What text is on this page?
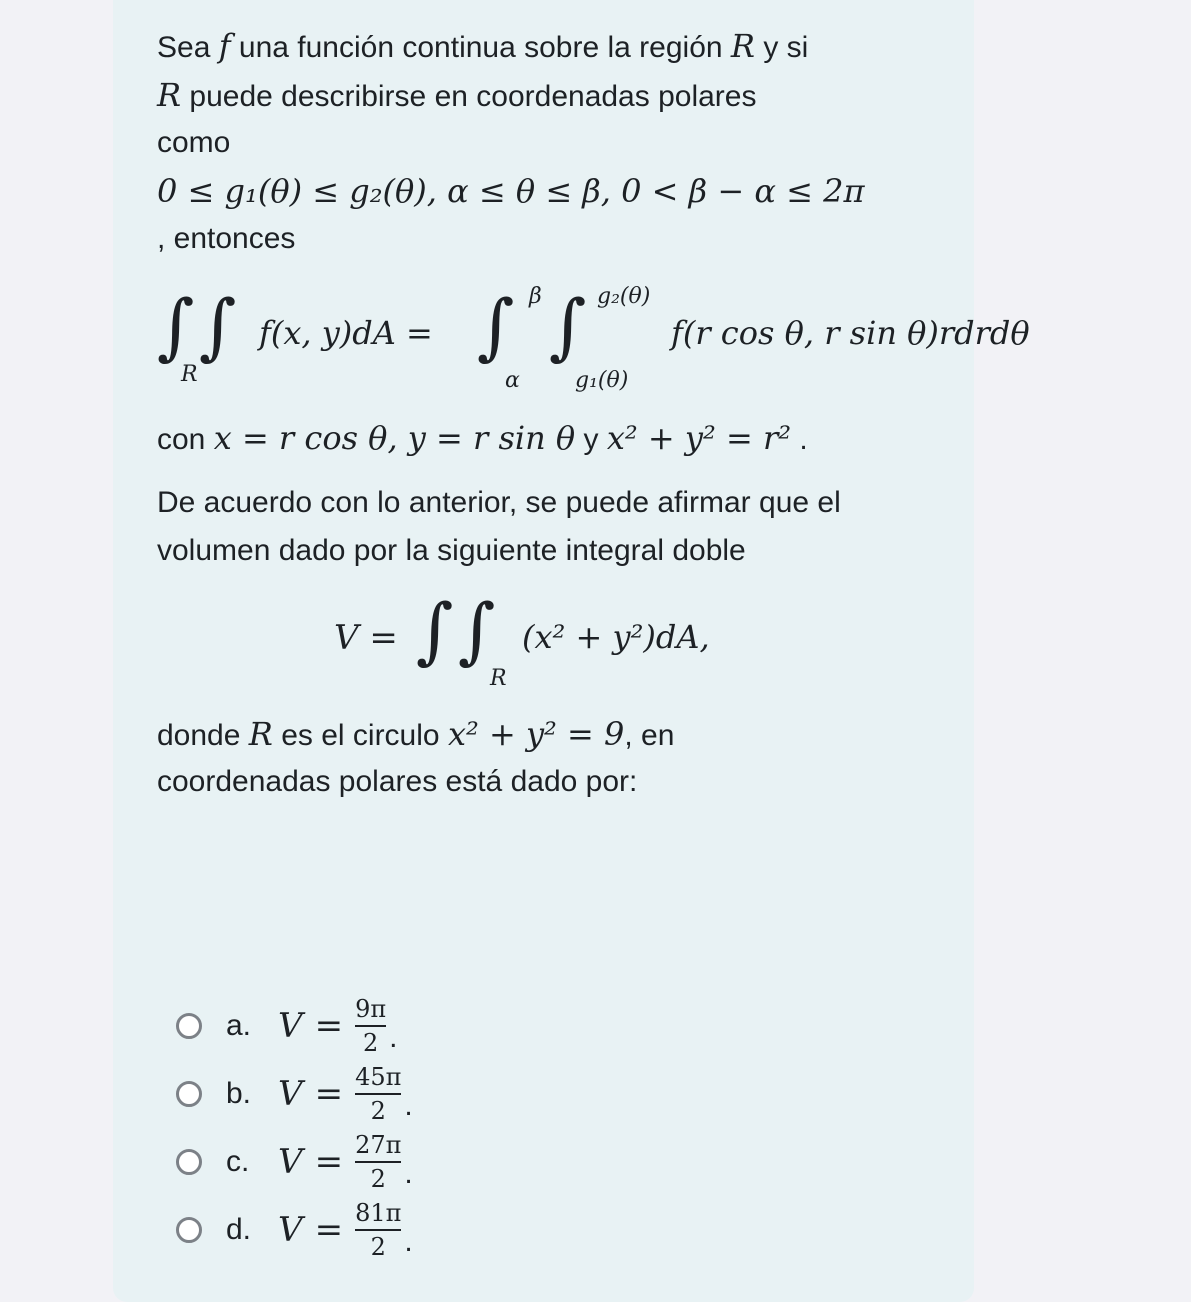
Sea f una función continua sobre la región R y si
R puede describirse en coordenadas polares
como
0 ≤ g₁(θ) ≤ g₂(θ), α ≤ θ ≤ β, 0 < β − α ≤ 2π
, entonces
∫
R
∫ f(x, y)dA = ∫ β
α
∫ g₂(θ)
g₁(θ)
f(r cos θ, r sin θ)rdrdθ
con x = r cos θ, y = r sin θ y x² + y² = r² .
De acuerdo con lo anterior, se puede afirmar que el
volumen dado por la siguiente integral doble
V = ∫ ∫
R
(x² + y²)dA,
donde R es el circulo x² + y² = 9, en
coordenadas polares está dado por:
a. $V = \frac{9\pi}{2}$ .
b. $V = \frac{45\pi}{2}$ .
c. $V = \frac{27\pi}{2}$ .
d. $V = \frac{81\pi}{2}$ .
